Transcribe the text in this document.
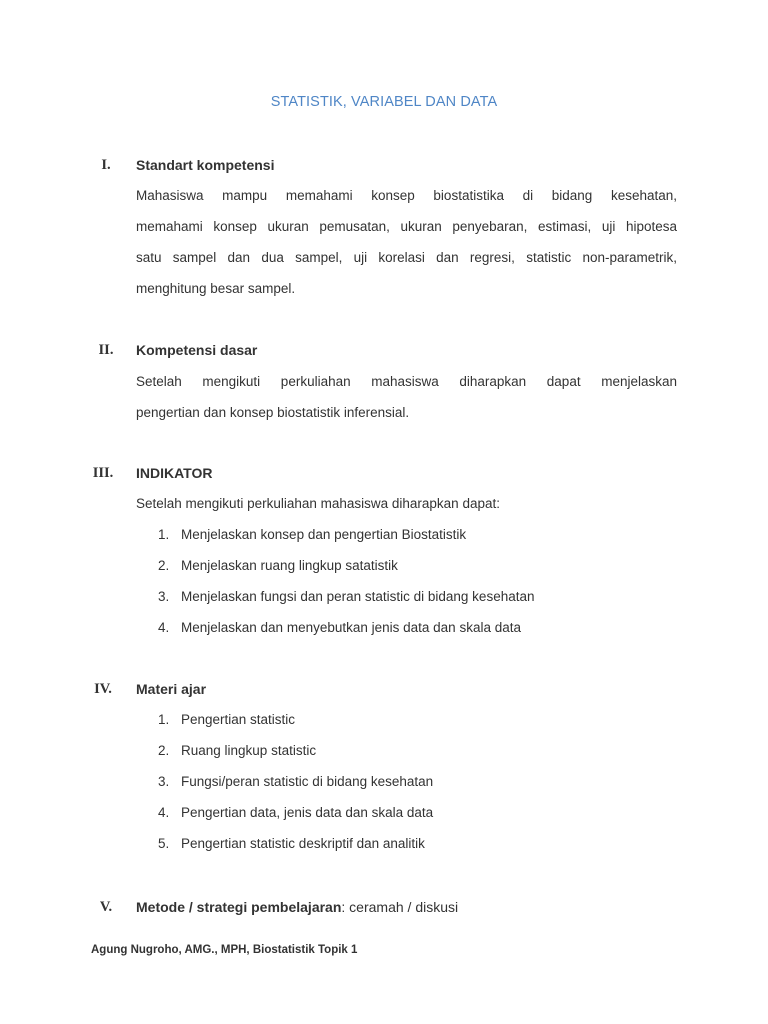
STATISTIK, VARIABEL DAN DATA
I.	Standart kompetensi
Mahasiswa mampu memahami konsep biostatistika di bidang kesehatan,
memahami konsep ukuran pemusatan, ukuran penyebaran, estimasi, uji hipotesa
satu sampel dan dua sampel, uji korelasi dan regresi, statistic non-parametrik,
menghitung besar sampel.
II.	Kompetensi dasar
Setelah mengikuti perkuliahan mahasiswa diharapkan dapat menjelaskan
pengertian dan konsep biostatistik inferensial.
III.	INDIKATOR
Setelah mengikuti perkuliahan mahasiswa diharapkan dapat:
1. Menjelaskan konsep dan pengertian Biostatistik
2. Menjelaskan ruang lingkup satatistik
3. Menjelaskan fungsi dan peran statistic di bidang kesehatan
4. Menjelaskan dan menyebutkan jenis data dan skala data
IV.	Materi ajar
1. Pengertian statistic
2. Ruang lingkup statistic
3. Fungsi/peran statistic di bidang kesehatan
4. Pengertian data, jenis data dan skala data
5. Pengertian statistic deskriptif dan analitik
V.	Metode / strategi pembelajaran: ceramah / diskusi
Agung Nugroho, AMG., MPH, Biostatistik Topik 1
